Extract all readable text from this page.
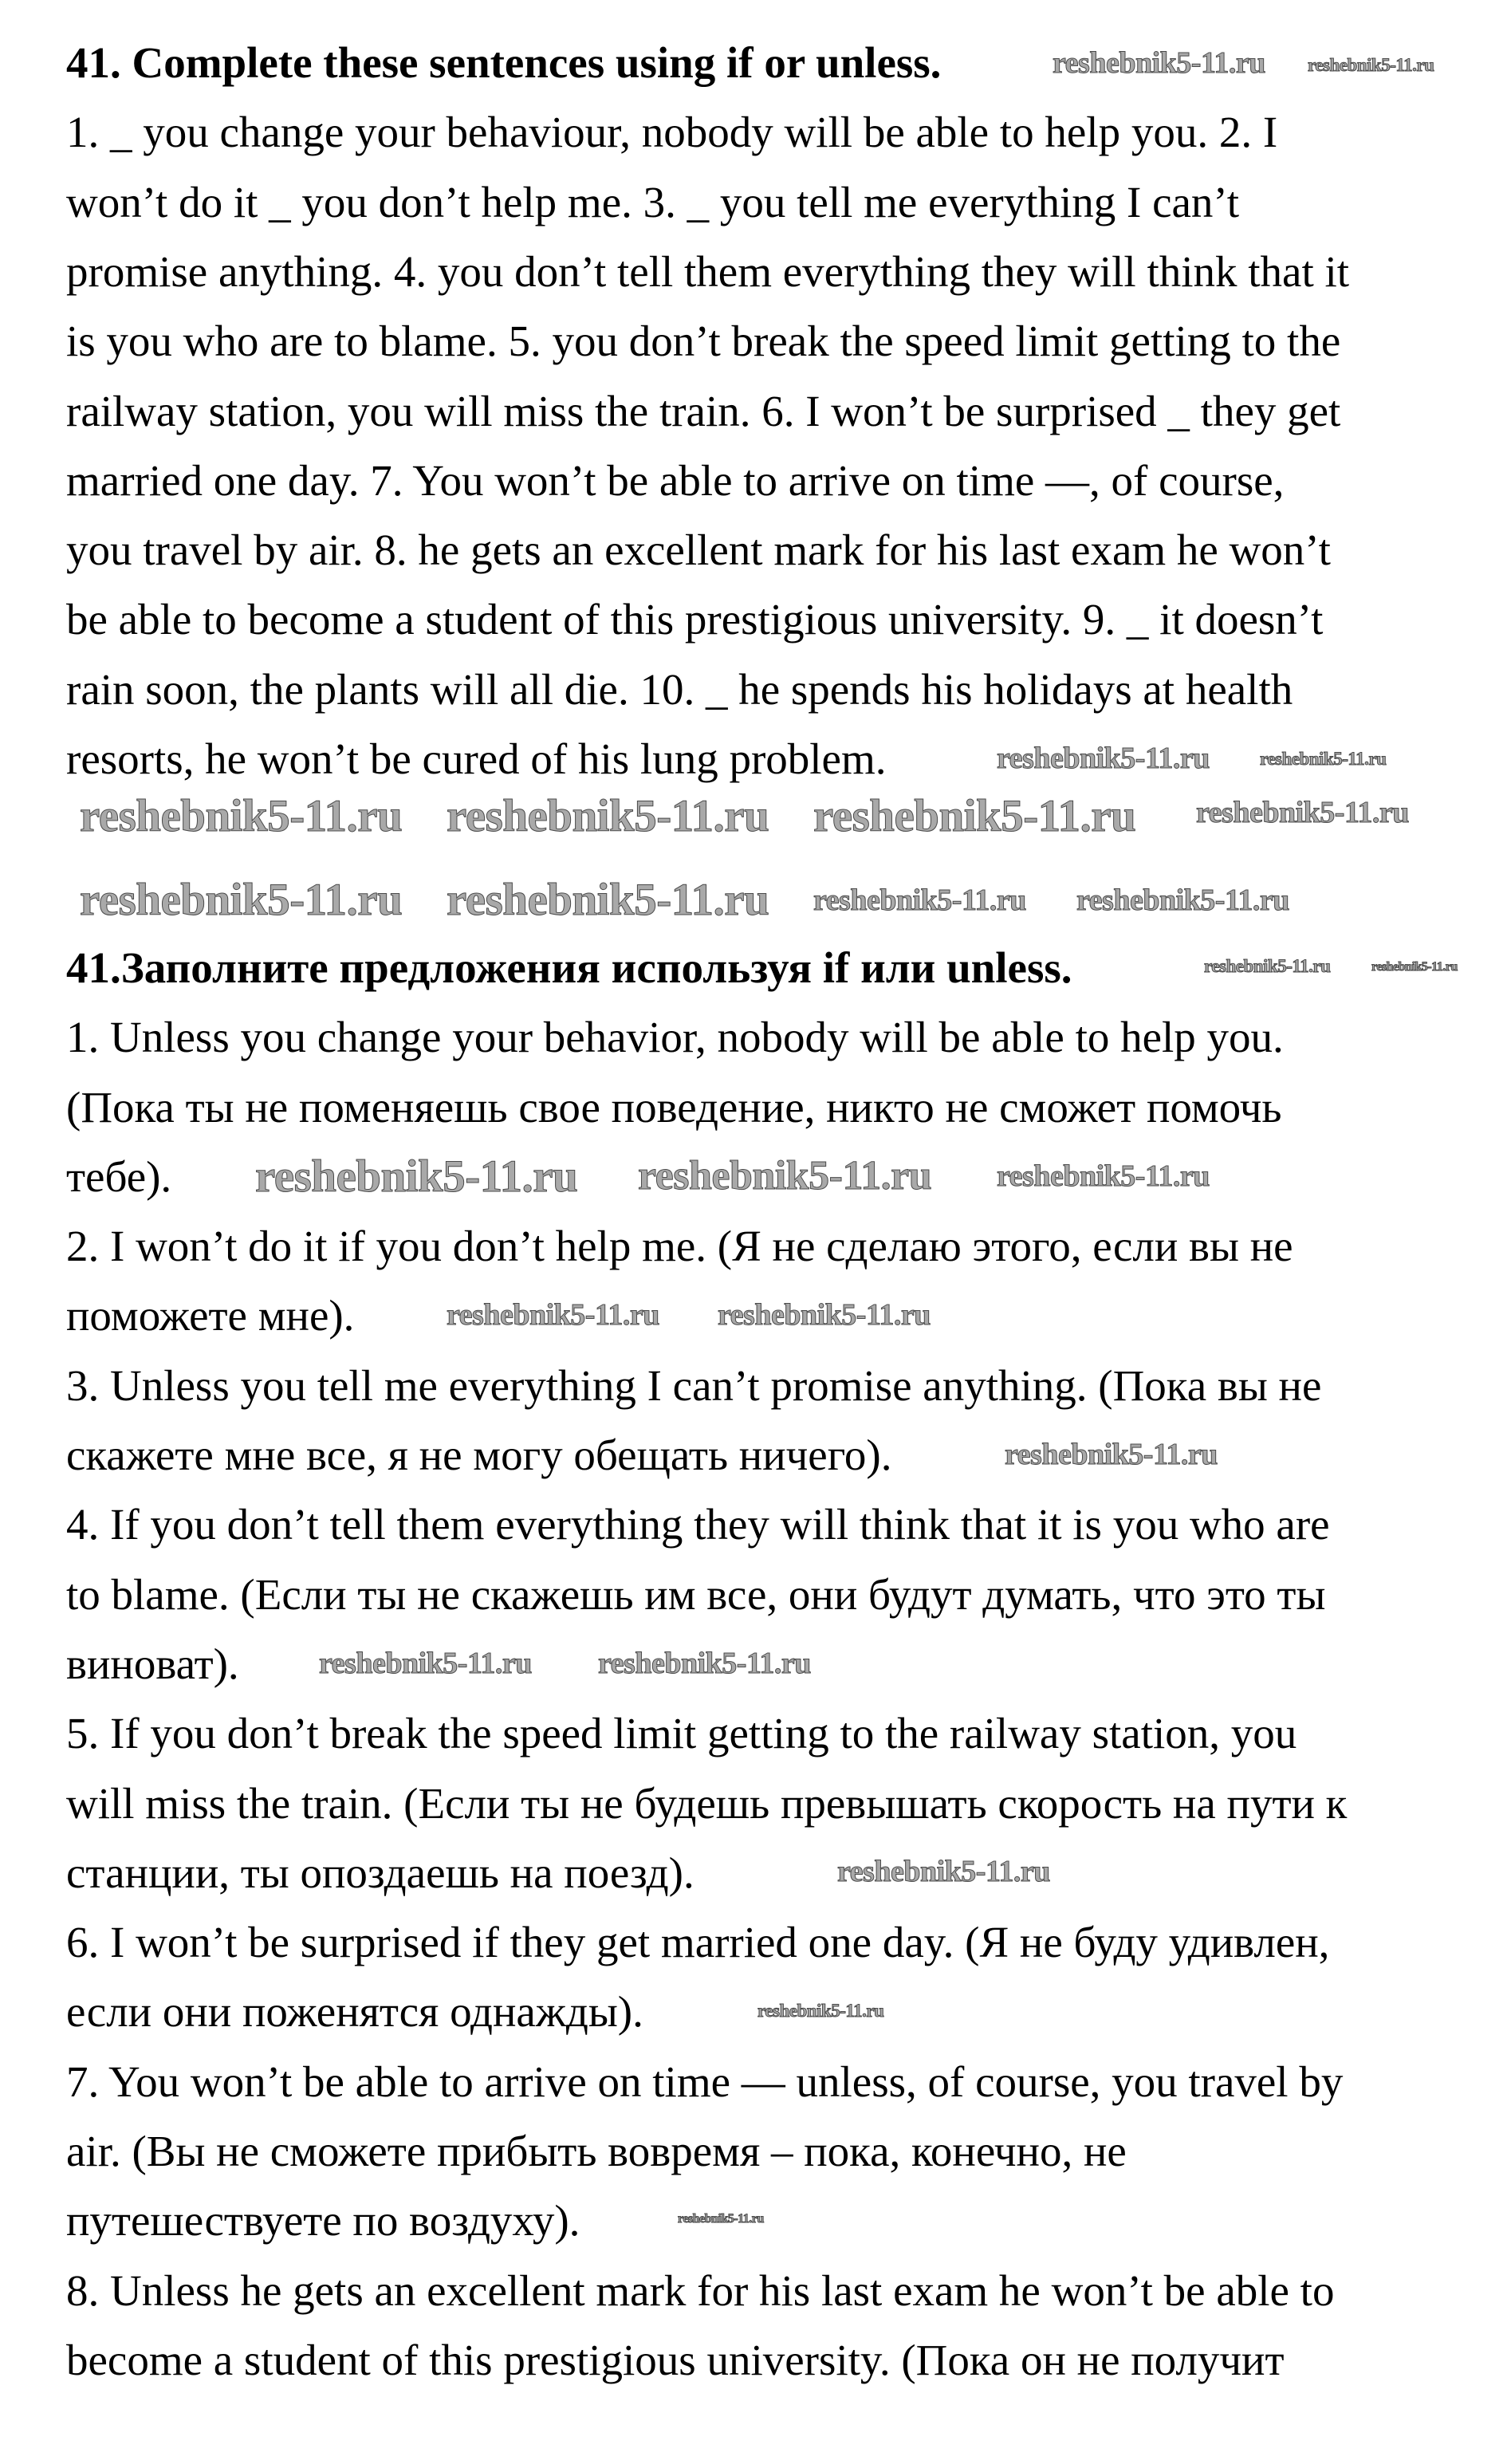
41. Complete these sentences using if or unless.
1. _ you change your behaviour, nobody will be able to help you. 2. I
won’t do it _ you don’t help me. 3. _ you tell me everything I can’t
promise anything. 4. you don’t tell them everything they will think that it
is you who are to blame. 5. you don’t break the speed limit getting to the
railway station, you will miss the train. 6. I won’t be surprised _ they get
married one day. 7. You won’t be able to arrive on time —, of course,
you travel by air. 8. he gets an excellent mark for his last exam he won’t
be able to become a student of this prestigious university. 9. _ it doesn’t
rain soon, the plants will all die. 10. _ he spends his holidays at health
resorts, he won’t be cured of his lung problem.
41.Заполните предложения используя if или unless.
1. Unless you change your behavior, nobody will be able to help you.
(Пока ты не поменяешь свое поведение, никто не сможет помочь
тебе).
2. I won’t do it if you don’t help me. (Я не сделаю этого, если вы не
поможете мне).
3. Unless you tell me everything I can’t promise anything. (Пока вы не
скажете мне все, я не могу обещать ничего).
4. If you don’t tell them everything they will think that it is you who are
to blame. (Если ты не скажешь им все, они будут думать, что это ты
виноват).
5. If you don’t break the speed limit getting to the railway station, you
will miss the train. (Если ты не будешь превышать скорость на пути к
станции, ты опоздаешь на поезд).
6. I won’t be surprised if they get married one day. (Я не буду удивлен,
если они поженятся однажды).
7. You won’t be able to arrive on time — unless, of course, you travel by
air. (Вы не сможете прибыть вовремя – пока, конечно, не
путешествуете по воздуху).
8. Unless he gets an excellent mark for his last exam he won’t be able to
become a student of this prestigious university. (Пока он не получит
reshebnik5-11.ru reshebnik5-11.ru reshebnik5-11.ru reshebnik5-11.ru
reshebnik5-11.ru reshebnik5-11.ru reshebnik5-11.ru reshebnik5-11.ru
reshebnik5-11.ru reshebnik5-11.ru
reshebnik5-11.ru	reshebnik5-11.ru
reshebnik5-11.ru	reshebnik5-11.ru
reshebnik5-11.ru reshebnik5-11.ru reshebnik5-11.ru
reshebnik5-11.ru reshebnik5-11.ru
reshebnik5-11.ru
reshebnik5-11.ru reshebnik5-11.ru
reshebnik5-11.ru
reshebnik5-11.ru
reshebnik5-11.ru
